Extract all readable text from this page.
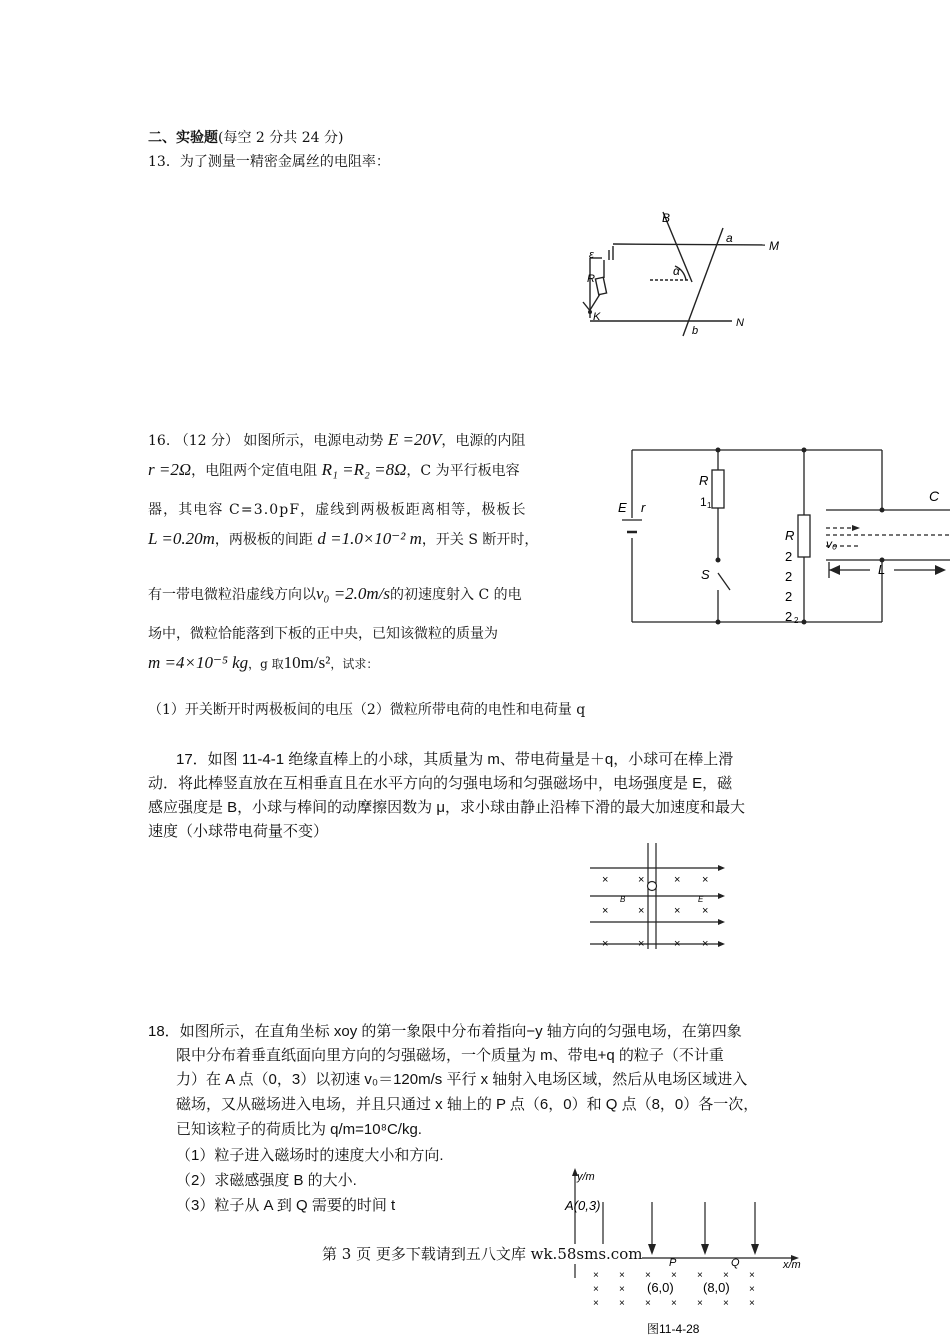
二、实验题(每空 2 分共 24 分)
13．为了测量一精密金属丝的电阻率：
B
a
M
ε
R
α
K
b
N
16. （12 分） 如图所示，电源电动势 E =20V，电源的内阻
r =2Ω，电阻两个定值电阻 R₁ =R₂ =8Ω，C 为平行板电容
器，其电容 C=3.0pF，虚线到两极板距离相等，极板长
L =0.20m，两极板的间距 d =1.0×10⁻² m，开关 S 断开时，
有一带电微粒沿虚线方向以v₀ =2.0m/s的初速度射入 C 的电
场中，微粒恰能落到下板的正中央，已知该微粒的质量为
m =4×10⁻⁵ kg，g 取10m/s²，试求：
（1）开关断开时两极板间的电压（2）微粒所带电荷的电性和电荷量 q
R
1 1
E r
S
R
2
2
2
2 2
C
v₀
L
17．如图 11-4-1 绝缘直棒上的小球，其质量为 m、带电荷量是＋q，小球可在棒上滑
动．将此棒竖直放在互相垂直且在水平方向的匀强电场和匀强磁场中，电场强度是 E，磁
感应强度是 B，小球与棒间的动摩擦因数为 μ，求小球由静止沿棒下滑的最大加速度和最大
速度（小球带电荷量不变）
×	×	× ×
×	×	× ×
×	×	× ×
B	E
18．如图所示，在直角坐标 xoy 的第一象限中分布着指向−y 轴方向的匀强电场，在第四象
限中分布着垂直纸面向里方向的匀强磁场，一个质量为 m、带电+q 的粒子（不计重
力）在 A 点（0，3）以初速 v₀＝120m/s 平行 x 轴射入电场区域，然后从电场区域进入
磁场，又从磁场进入电场，并且只通过 x 轴上的 P 点（6，0）和 Q 点（8，0）各一次，
已知该粒子的荷质比为 q/m=10⁸C/kg.
（1）粒子进入磁场时的速度大小和方向.
（2）求磁感强度 B 的大小.
（3）粒子从 A 到 Q 需要的时间 t
y/m
A(0,3)
P	Q	x/m
(6,0) (8,0)
× × × × × × ×
× ×	×
× × × × × × ×
图11-4-28
第 3 页 更多下载请到五八文库 wk.58sms.com
